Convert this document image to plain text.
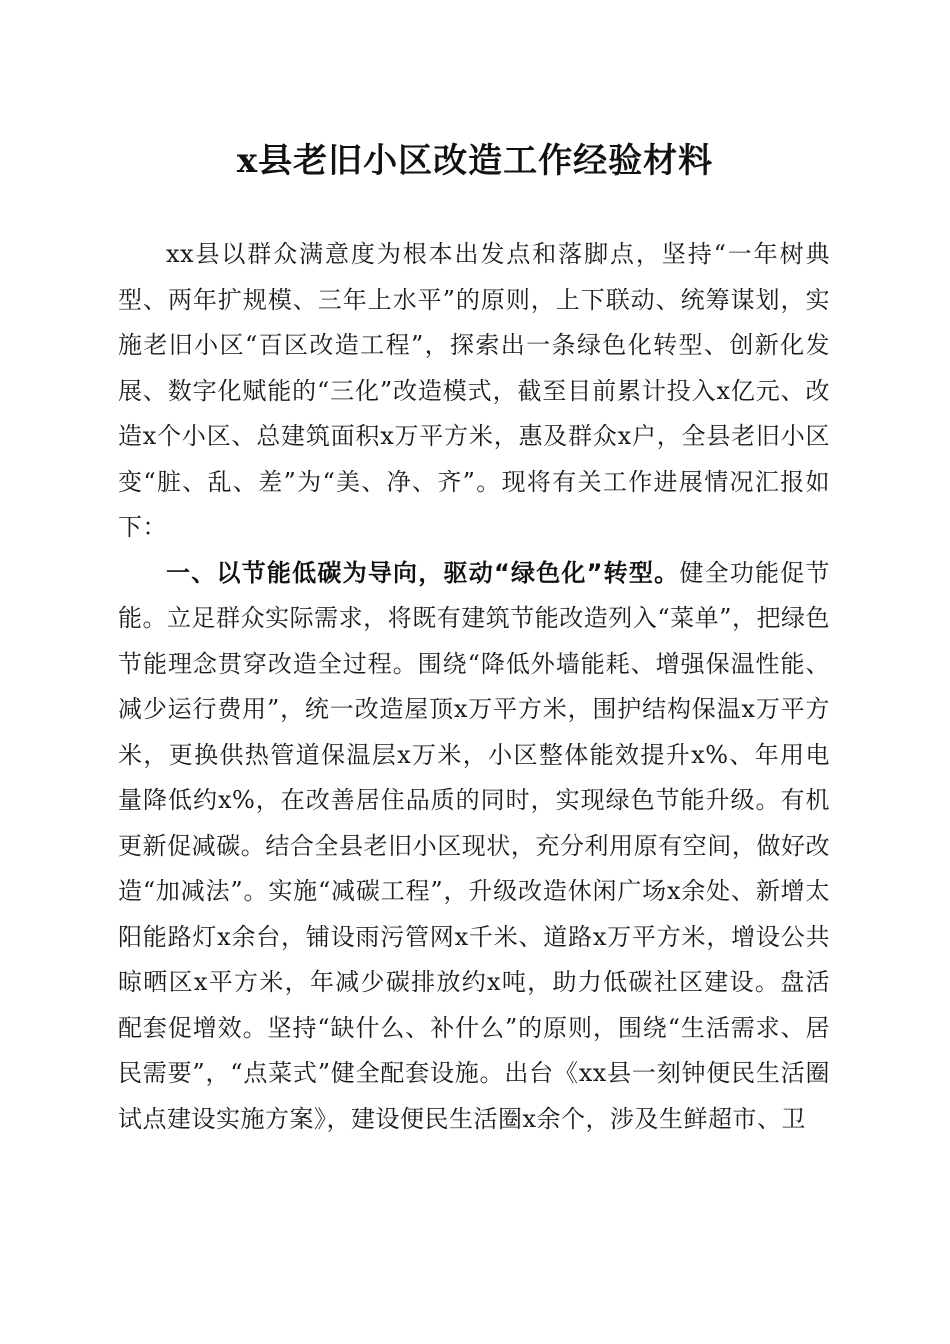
x县老旧小区改造工作经验材料

xx县以群众满意度为根本出发点和落脚点，坚持“一年树典型、两年扩规模、三年上水平”的原则，上下联动、统筹谋划，实施老旧小区“百区改造工程”，探索出一条绿色化转型、创新化发展、数字化赋能的“三化”改造模式，截至目前累计投入x亿元、改造x个小区、总建筑面积x万平方米，惠及群众x户，全县老旧小区变“脏、乱、差”为“美、净、齐”。现将有关工作进展情况汇报如下：

一、以节能低碳为导向，驱动“绿色化”转型。健全功能促节能。立足群众实际需求，将既有建筑节能改造列入“菜单”，把绿色节能理念贯穿改造全过程。围绕“降低外墙能耗、增强保温性能、减少运行费用”，统一改造屋顶x万平方米，围护结构保温x万平方米，更换供热管道保温层x万米，小区整体能效提升x%、年用电量降低约x%，在改善居住品质的同时，实现绿色节能升级。有机更新促减碳。结合全县老旧小区现状，充分利用原有空间，做好改造“加减法”。实施“减碳工程”，升级改造休闲广场x余处、新增太阳能路灯x余台，铺设雨污管网x千米、道路x万平方米，增设公共晾晒区x平方米，年减少碳排放约x吨，助力低碳社区建设。盘活配套促增效。坚持“缺什么、补什么”的原则，围绕“生活需求、居民需要”，“点菜式”健全配套设施。出台《xx县一刻钟便民生活圈试点建设实施方案》，建设便民生活圈x余个，涉及生鲜超市、卫
